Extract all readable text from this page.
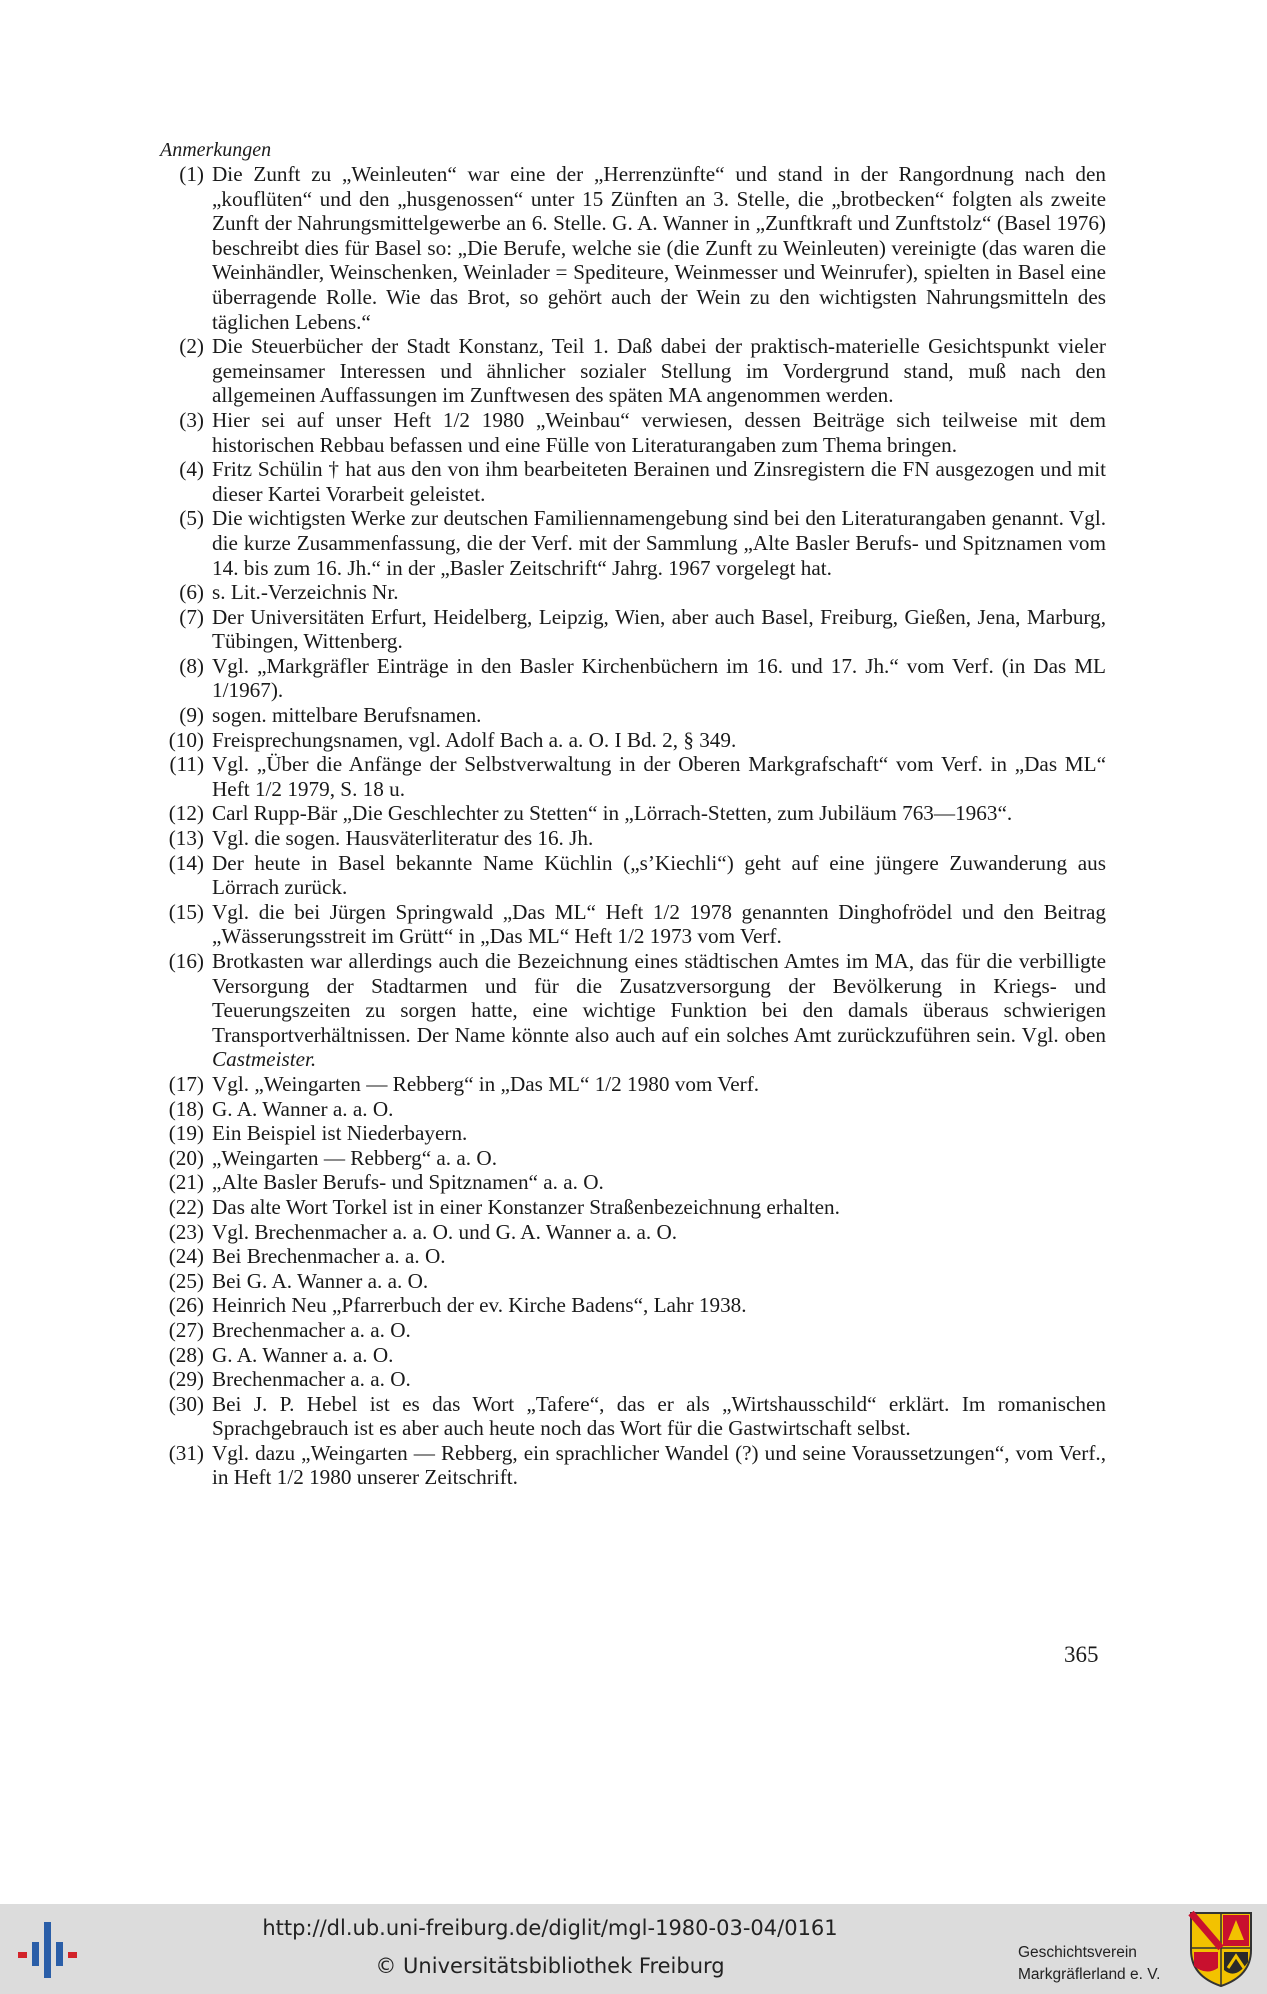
Anmerkungen
(1) Die Zunft zu „Weinleuten“ war eine der „Herrenzünfte“ und stand in der Rangordnung nach den „kouflüten“ und den „husgenossen“ unter 15 Zünften an 3. Stelle, die „brotbecken“ folgten als zweite Zunft der Nahrungsmittelgewerbe an 6. Stelle. G. A. Wanner in „Zunftkraft und Zunftstolz“ (Basel 1976) beschreibt dies für Basel so: „Die Berufe, welche sie (die Zunft zu Weinleuten) vereinigte (das waren die Weinhändler, Weinschenken, Weinlader = Spediteure, Weinmesser und Weinrufer), spielten in Basel eine überragende Rolle. Wie das Brot, so gehört auch der Wein zu den wichtigsten Nahrungsmitteln des täglichen Lebens.“
(2) Die Steuerbücher der Stadt Konstanz, Teil 1. Daß dabei der praktisch-materielle Gesichtspunkt vieler gemeinsamer Interessen und ähnlicher sozialer Stellung im Vordergrund stand, muß nach den allgemeinen Auffassungen im Zunftwesen des späten MA angenommen werden.
(3) Hier sei auf unser Heft 1/2 1980 „Weinbau“ verwiesen, dessen Beiträge sich teilweise mit dem historischen Rebbau befassen und eine Fülle von Literaturangaben zum Thema bringen.
(4) Fritz Schülin † hat aus den von ihm bearbeiteten Berainen und Zinsregistern die FN ausgezogen und mit dieser Kartei Vorarbeit geleistet.
(5) Die wichtigsten Werke zur deutschen Familiennamengebung sind bei den Literaturangaben genannt. Vgl. die kurze Zusammenfassung, die der Verf. mit der Sammlung „Alte Basler Berufs- und Spitznamen vom 14. bis zum 16. Jh.“ in der „Basler Zeitschrift“ Jahrg. 1967 vorgelegt hat.
(6) s. Lit.-Verzeichnis Nr.
(7) Der Universitäten Erfurt, Heidelberg, Leipzig, Wien, aber auch Basel, Freiburg, Gießen, Jena, Marburg, Tübingen, Wittenberg.
(8) Vgl. „Markgräfler Einträge in den Basler Kirchenbüchern im 16. und 17. Jh.“ vom Verf. (in Das ML 1/1967).
(9) sogen. mittelbare Berufsnamen.
(10) Freisprechungsnamen, vgl. Adolf Bach a. a. O. I Bd. 2, § 349.
(11) Vgl. „Über die Anfänge der Selbstverwaltung in der Oberen Markgrafschaft“ vom Verf. in „Das ML“ Heft 1/2 1979, S. 18 u.
(12) Carl Rupp-Bär „Die Geschlechter zu Stetten“ in „Lörrach-Stetten, zum Jubiläum 763—1963“.
(13) Vgl. die sogen. Hausväterliteratur des 16. Jh.
(14) Der heute in Basel bekannte Name Küchlin („s’Kiechli“) geht auf eine jüngere Zuwanderung aus Lörrach zurück.
(15) Vgl. die bei Jürgen Springwald „Das ML“ Heft 1/2 1978 genannten Dinghofrödel und den Beitrag „Wässerungsstreit im Grütt“ in „Das ML“ Heft 1/2 1973 vom Verf.
(16) Brotkasten war allerdings auch die Bezeichnung eines städtischen Amtes im MA, das für die verbilligte Versorgung der Stadtarmen und für die Zusatzversorgung der Bevölkerung in Kriegs- und Teuerungszeiten zu sorgen hatte, eine wichtige Funktion bei den damals überaus schwierigen Transportverhältnissen. Der Name könnte also auch auf ein solches Amt zurückzuführen sein. Vgl. oben Castmeister.
(17) Vgl. „Weingarten — Rebberg“ in „Das ML“ 1/2 1980 vom Verf.
(18) G. A. Wanner a. a. O.
(19) Ein Beispiel ist Niederbayern.
(20) „Weingarten — Rebberg“ a. a. O.
(21) „Alte Basler Berufs- und Spitznamen“ a. a. O.
(22) Das alte Wort Torkel ist in einer Konstanzer Straßenbezeichnung erhalten.
(23) Vgl. Brechenmacher a. a. O. und G. A. Wanner a. a. O.
(24) Bei Brechenmacher a. a. O.
(25) Bei G. A. Wanner a. a. O.
(26) Heinrich Neu „Pfarrerbuch der ev. Kirche Badens“, Lahr 1938.
(27) Brechenmacher a. a. O.
(28) G. A. Wanner a. a. O.
(29) Brechenmacher a. a. O.
(30) Bei J. P. Hebel ist es das Wort „Tafere“, das er als „Wirtshausschild“ erklärt. Im romanischen Sprachgebrauch ist es aber auch heute noch das Wort für die Gastwirtschaft selbst.
(31) Vgl. dazu „Weingarten — Rebberg, ein sprachlicher Wandel (?) und seine Voraussetzungen“, vom Verf., in Heft 1/2 1980 unserer Zeitschrift.
365
http://dl.ub.uni-freiburg.de/diglit/mgl-1980-03-04/0161
© Universitätsbibliothek Freiburg
Geschichtsverein
Markgräflerland e. V.
